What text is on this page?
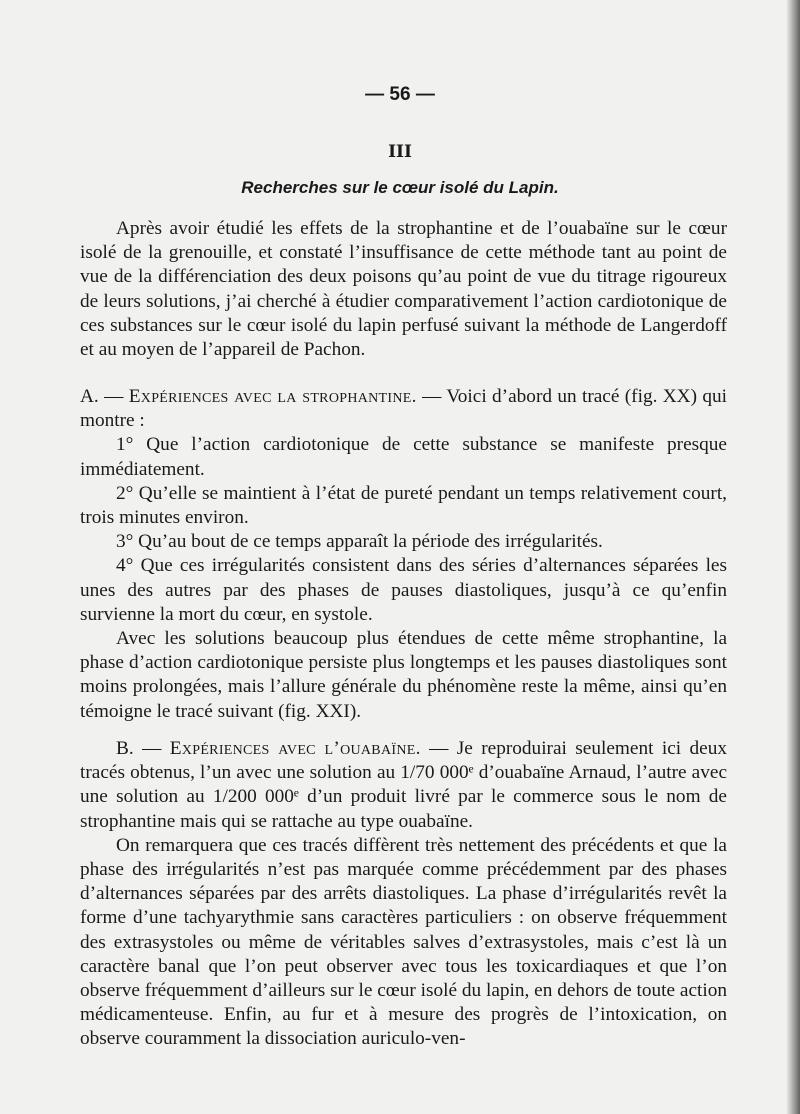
— 56 —
III
Recherches sur le cœur isolé du Lapin.

Après avoir étudié les effets de la strophantine et de l’ouabaïne sur le cœur isolé de la grenouille, et constaté l’insuffisance de cette méthode tant au point de vue de la différenciation des deux poisons qu’au point de vue du titrage rigoureux de leurs solutions, j’ai cherché à étudier comparativement l’action cardiotonique de ces substances sur le cœur isolé du lapin perfusé suivant la méthode de Langerdoff et au moyen de l’appareil de Pachon.

A. — Expériences avec la strophantine. — Voici d’abord un tracé (fig. XX) qui montre :

1° Que l’action cardiotonique de cette substance se manifeste presque immédiatement.

2° Qu’elle se maintient à l’état de pureté pendant un temps relativement court, trois minutes environ.

3° Qu’au bout de ce temps apparaît la période des irrégularités.

4° Que ces irrégularités consistent dans des séries d’alternances séparées les unes des autres par des phases de pauses diastoliques, jusqu’à ce qu’enfin survienne la mort du cœur, en systole.

Avec les solutions beaucoup plus étendues de cette même strophantine, la phase d’action cardiotonique persiste plus longtemps et les pauses diastoliques sont moins prolongées, mais l’allure générale du phénomène reste la même, ainsi qu’en témoigne le tracé suivant (fig. XXI).

B. — Expériences avec l’ouabaïne. — Je reproduirai seulement ici deux tracés obtenus, l’un avec une solution au 1/70 000ᵉ d’ouabaïne Arnaud, l’autre avec une solution au 1/200 000ᵉ d’un produit livré par le commerce sous le nom de strophantine mais qui se rattache au type ouabaïne.

On remarquera que ces tracés diffèrent très nettement des précédents et que la phase des irrégularités n’est pas marquée comme précédemment par des phases d’alternances séparées par des arrêts diastoliques. La phase d’irrégularités revêt la forme d’une tachyarythmie sans caractères particuliers : on observe fréquemment des extrasystoles ou même de véritables salves d’extrasystoles, mais c’est là un caractère banal que l’on peut observer avec tous les toxicardiaques et que l’on observe fréquemment d’ailleurs sur le cœur isolé du lapin, en dehors de toute action médicamenteuse. Enfin, au fur et à mesure des progrès de l’intoxication, on observe couramment la dissociation auriculo-ven-
